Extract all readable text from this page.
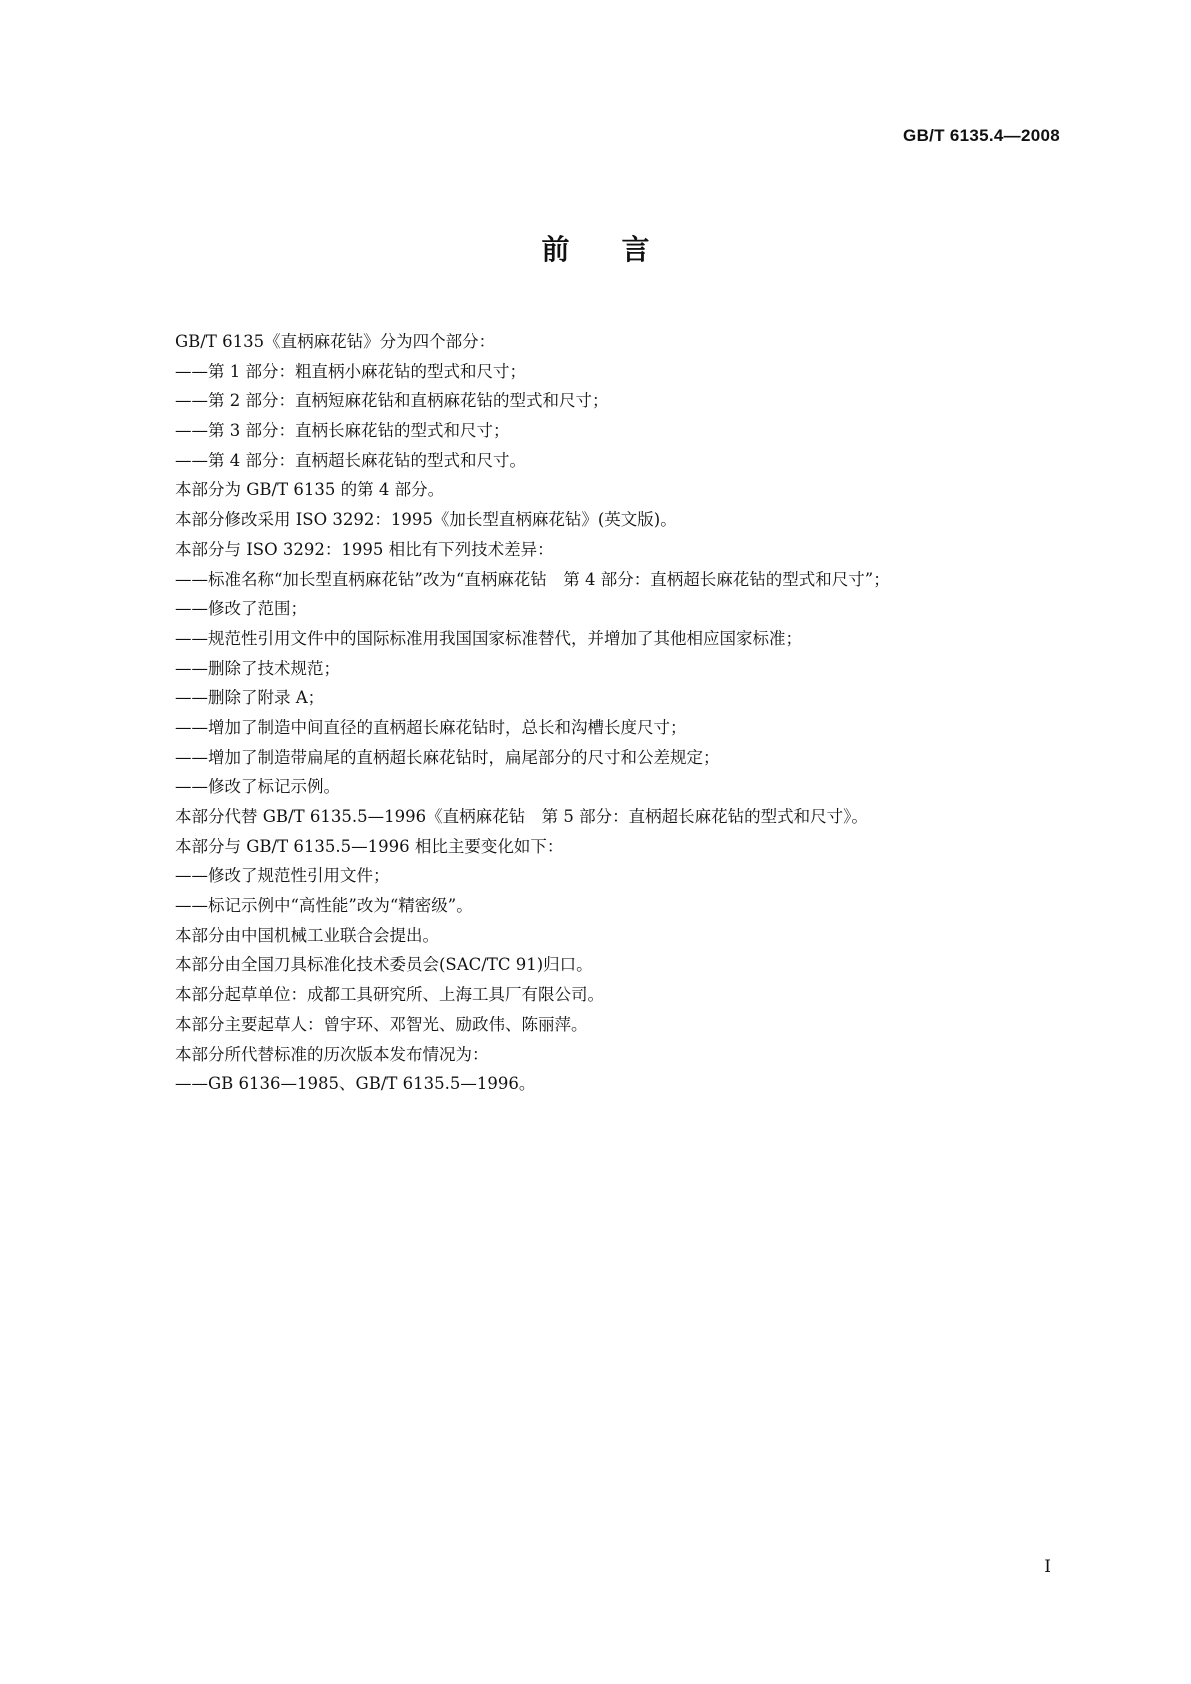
GB/T 6135.4—2008
前言
GB/T 6135《直柄麻花钻》分为四个部分：
——第 1 部分：粗直柄小麻花钻的型式和尺寸；
——第 2 部分：直柄短麻花钻和直柄麻花钻的型式和尺寸；
——第 3 部分：直柄长麻花钻的型式和尺寸；
——第 4 部分：直柄超长麻花钻的型式和尺寸。
本部分为 GB/T 6135 的第 4 部分。
本部分修改采用 ISO 3292：1995《加长型直柄麻花钻》(英文版)。
本部分与 ISO 3292：1995 相比有下列技术差异：
——标准名称“加长型直柄麻花钻”改为“直柄麻花钻　第 4 部分：直柄超长麻花钻的型式和尺寸”；
——修改了范围；
——规范性引用文件中的国际标准用我国国家标准替代，并增加了其他相应国家标准；
——删除了技术规范；
——删除了附录 A；
——增加了制造中间直径的直柄超长麻花钻时，总长和沟槽长度尺寸；
——增加了制造带扁尾的直柄超长麻花钻时，扁尾部分的尺寸和公差规定；
——修改了标记示例。
本部分代替 GB/T 6135.5—1996《直柄麻花钻　第 5 部分：直柄超长麻花钻的型式和尺寸》。
本部分与 GB/T 6135.5—1996 相比主要变化如下：
——修改了规范性引用文件；
——标记示例中“高性能”改为“精密级”。
本部分由中国机械工业联合会提出。
本部分由全国刀具标准化技术委员会(SAC/TC 91)归口。
本部分起草单位：成都工具研究所、上海工具厂有限公司。
本部分主要起草人：曾宇环、邓智光、励政伟、陈丽萍。
本部分所代替标准的历次版本发布情况为：
——GB 6136—1985、GB/T 6135.5—1996。
I
